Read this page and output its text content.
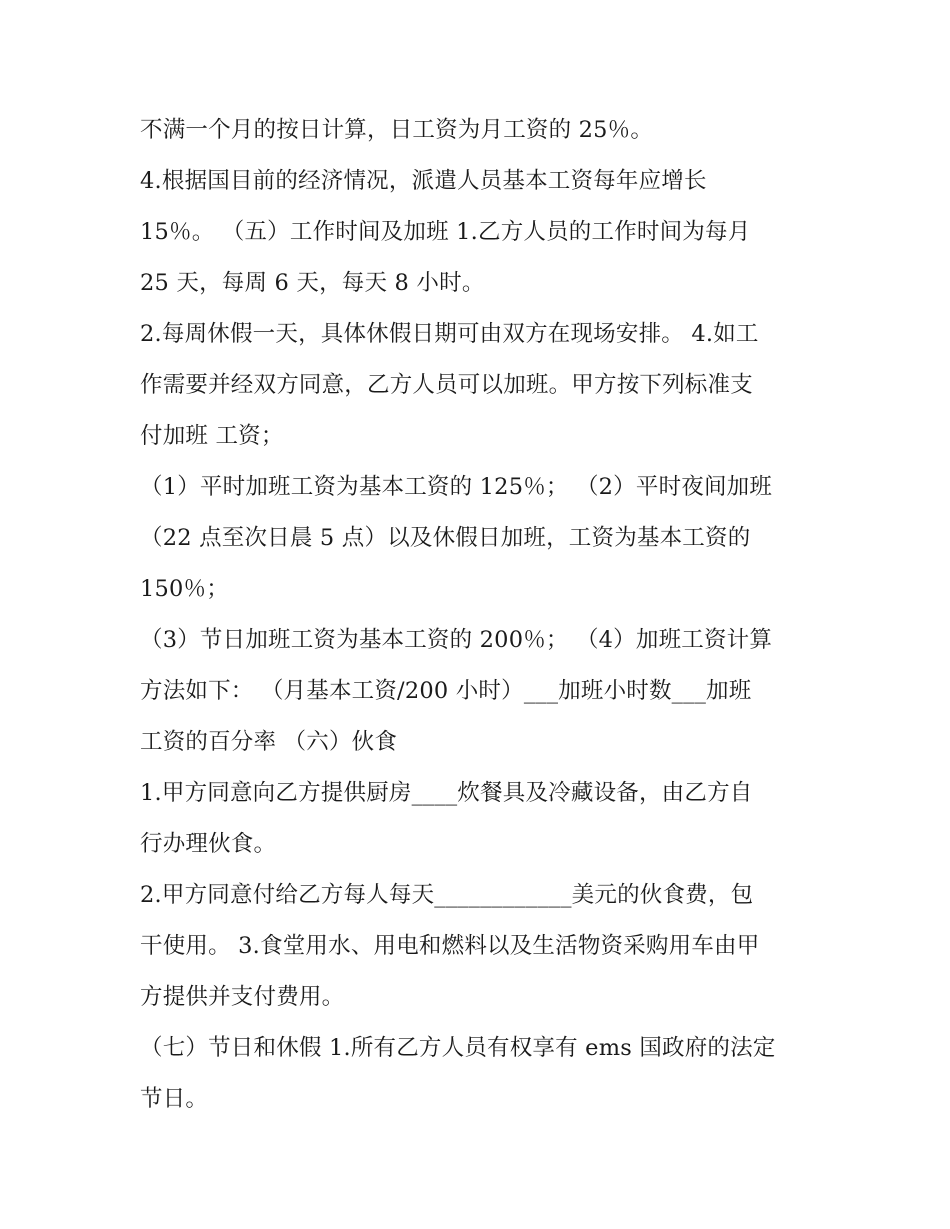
不满一个月的按日计算，日工资为月工资的 25％。
4.根据国目前的经济情况，派遣人员基本工资每年应增长
15％。 （五）工作时间及加班 1.乙方人员的工作时间为每月
25 天，每周 6 天，每天 8 小时。
2.每周休假一天，具体休假日期可由双方在现场安排。 4.如工
作需要并经双方同意，乙方人员可以加班。甲方按下列标准支
付加班 工资；
（1）平时加班工资为基本工资的 125％； （2）平时夜间加班
（22 点至次日晨 5 点）以及休假日加班，工资为基本工资的
150％；
（3）节日加班工资为基本工资的 200％； （4）加班工资计算
方法如下： （月基本工资/200 小时）___加班小时数___加班
工资的百分率 （六）伙食
1.甲方同意向乙方提供厨房____炊餐具及冷藏设备，由乙方自
行办理伙食。
2.甲方同意付给乙方每人每天____________美元的伙食费，包
干使用。 3.食堂用水、用电和燃料以及生活物资采购用车由甲
方提供并支付费用。
（七）节日和休假 1.所有乙方人员有权享有 ems 国政府的法定
节日。
